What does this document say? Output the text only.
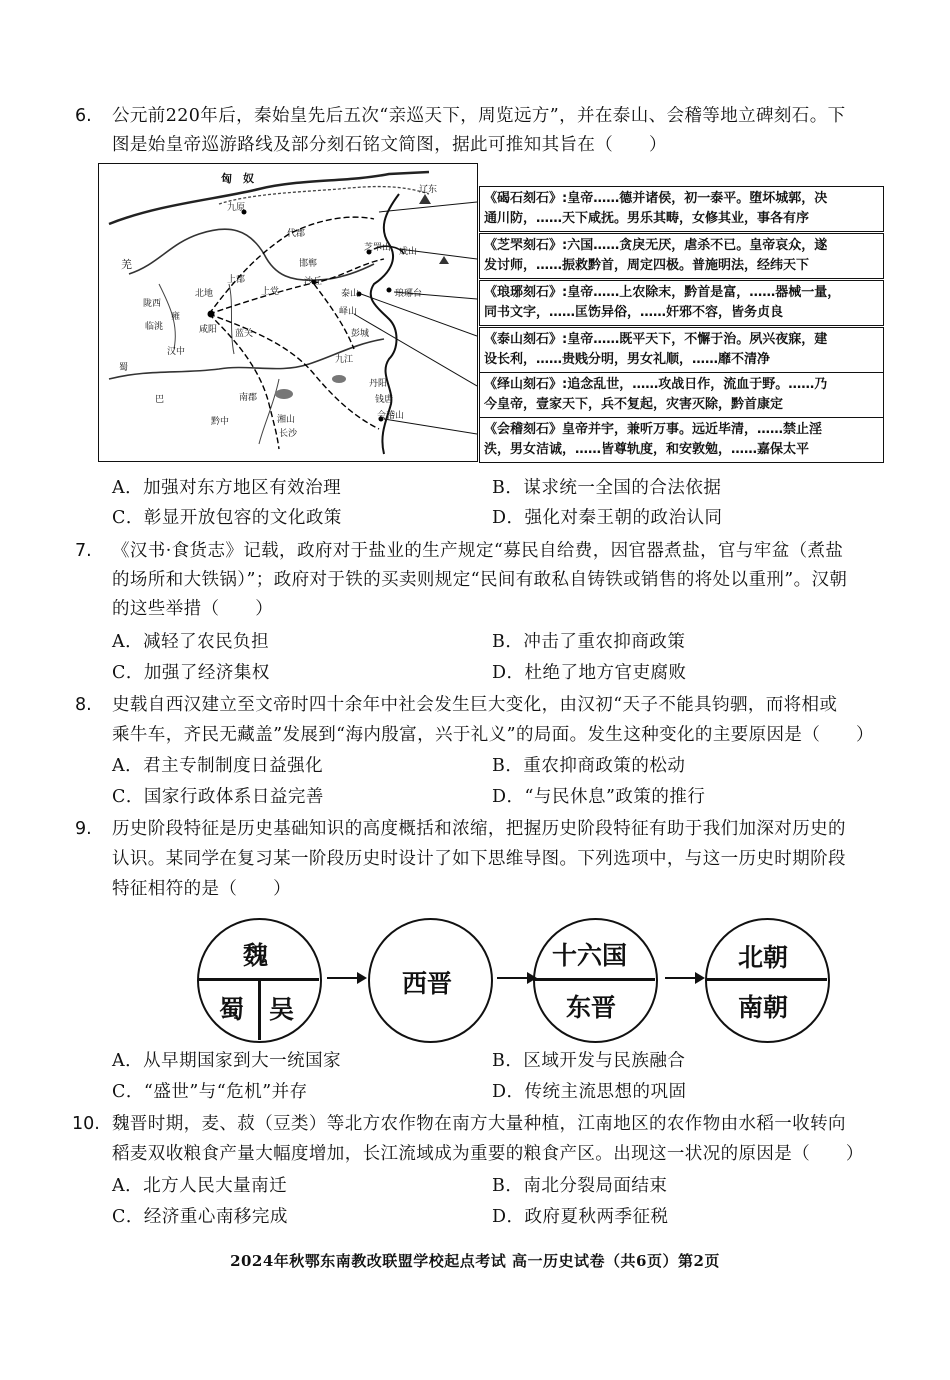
6. 公元前220年后，秦始皇先后五次“亲巡天下，周览远方”，并在泰山、会稽等地立碑刻石。下
图是始皇帝巡游路线及部分刻石铭文简图，据此可推知其旨在（　　）
匈　奴
九原
辽东
代郡
羌
陇西
临洮
北地
上郡
咸阳
雍
邯郸
沙丘
上党
芝罘山 成山
琅琊台
泰山
峄山
彭城
汉中
蓝关
九江
丹阳
钱唐
会稽山
巴	南郡
湘山
长沙
黔中
蜀
《碣石刻石》:皇帝……德并诸侯，初一泰平。堕坏城郭，决
通川防，……天下咸抚。男乐其畴，女修其业，事各有序
《芝罘刻石》:六国……贪戾无厌，虐杀不已。皇帝哀众，遂
发讨师，……振救黔首，周定四极。普施明法，经纬天下
《琅琊刻石》:皇帝……上农除末，黔首是富，……器械一量，
同书文字，……匡饬异俗，……奸邪不容，皆务贞良
《泰山刻石》:皇帝……既平天下，不懈于治。夙兴夜寐，建
设长利，……贵贱分明，男女礼顺，……靡不清净
《绎山刻石》:追念乱世，……攻战日作，流血于野。……乃
今皇帝，壹家天下，兵不复起，灾害灭除，黔首康定
《会稽刻石》皇帝并宇，兼听万事。远近毕清，……禁止淫
泆，男女洁诚，……皆尊轨度，和安敦勉，……嘉保太平
A．加强对东方地区有效治理	B．谋求统一全国的合法依据
C．彰显开放包容的文化政策	D．强化对秦王朝的政治认同
7. 《汉书·食货志》记载，政府对于盐业的生产规定“募民自给费，因官器煮盐，官与牢盆（煮盐
的场所和大铁锅）”；政府对于铁的买卖则规定“民间有敢私自铸铁或销售的将处以重刑”。汉朝
的这些举措（　　）
A．减轻了农民负担	B．冲击了重农抑商政策
C．加强了经济集权	D．杜绝了地方官吏腐败
8. 史载自西汉建立至文帝时四十余年中社会发生巨大变化，由汉初“天子不能具钧驷，而将相或
乘牛车，齐民无藏盖”发展到“海内殷富，兴于礼义”的局面。发生这种变化的主要原因是（　　）
A．君主专制制度日益强化	B．重农抑商政策的松动
C．国家行政体系日益完善	D．“与民休息”政策的推行
9. 历史阶段特征是历史基础知识的高度概括和浓缩，把握历史阶段特征有助于我们加深对历史的
认识。某同学在复习某一阶段历史时设计了如下思维导图。下列选项中，与这一历史时期阶段
特征相符的是（　　）
魏
蜀 吴
西晋
十六国
东晋
北朝
南朝
A．从早期国家到大一统国家	B．区域开发与民族融合
C．“盛世”与“危机”并存	D．传统主流思想的巩固
10. 魏晋时期，麦、菽（豆类）等北方农作物在南方大量种植，江南地区的农作物由水稻一收转向
稻麦双收粮食产量大幅度增加，长江流域成为重要的粮食产区。出现这一状况的原因是（　　）
A．北方人民大量南迁	B．南北分裂局面结束
C．经济重心南移完成	D．政府夏秋两季征税
2024年秋鄂东南教改联盟学校起点考试 高一历史试卷（共6页）第2页
